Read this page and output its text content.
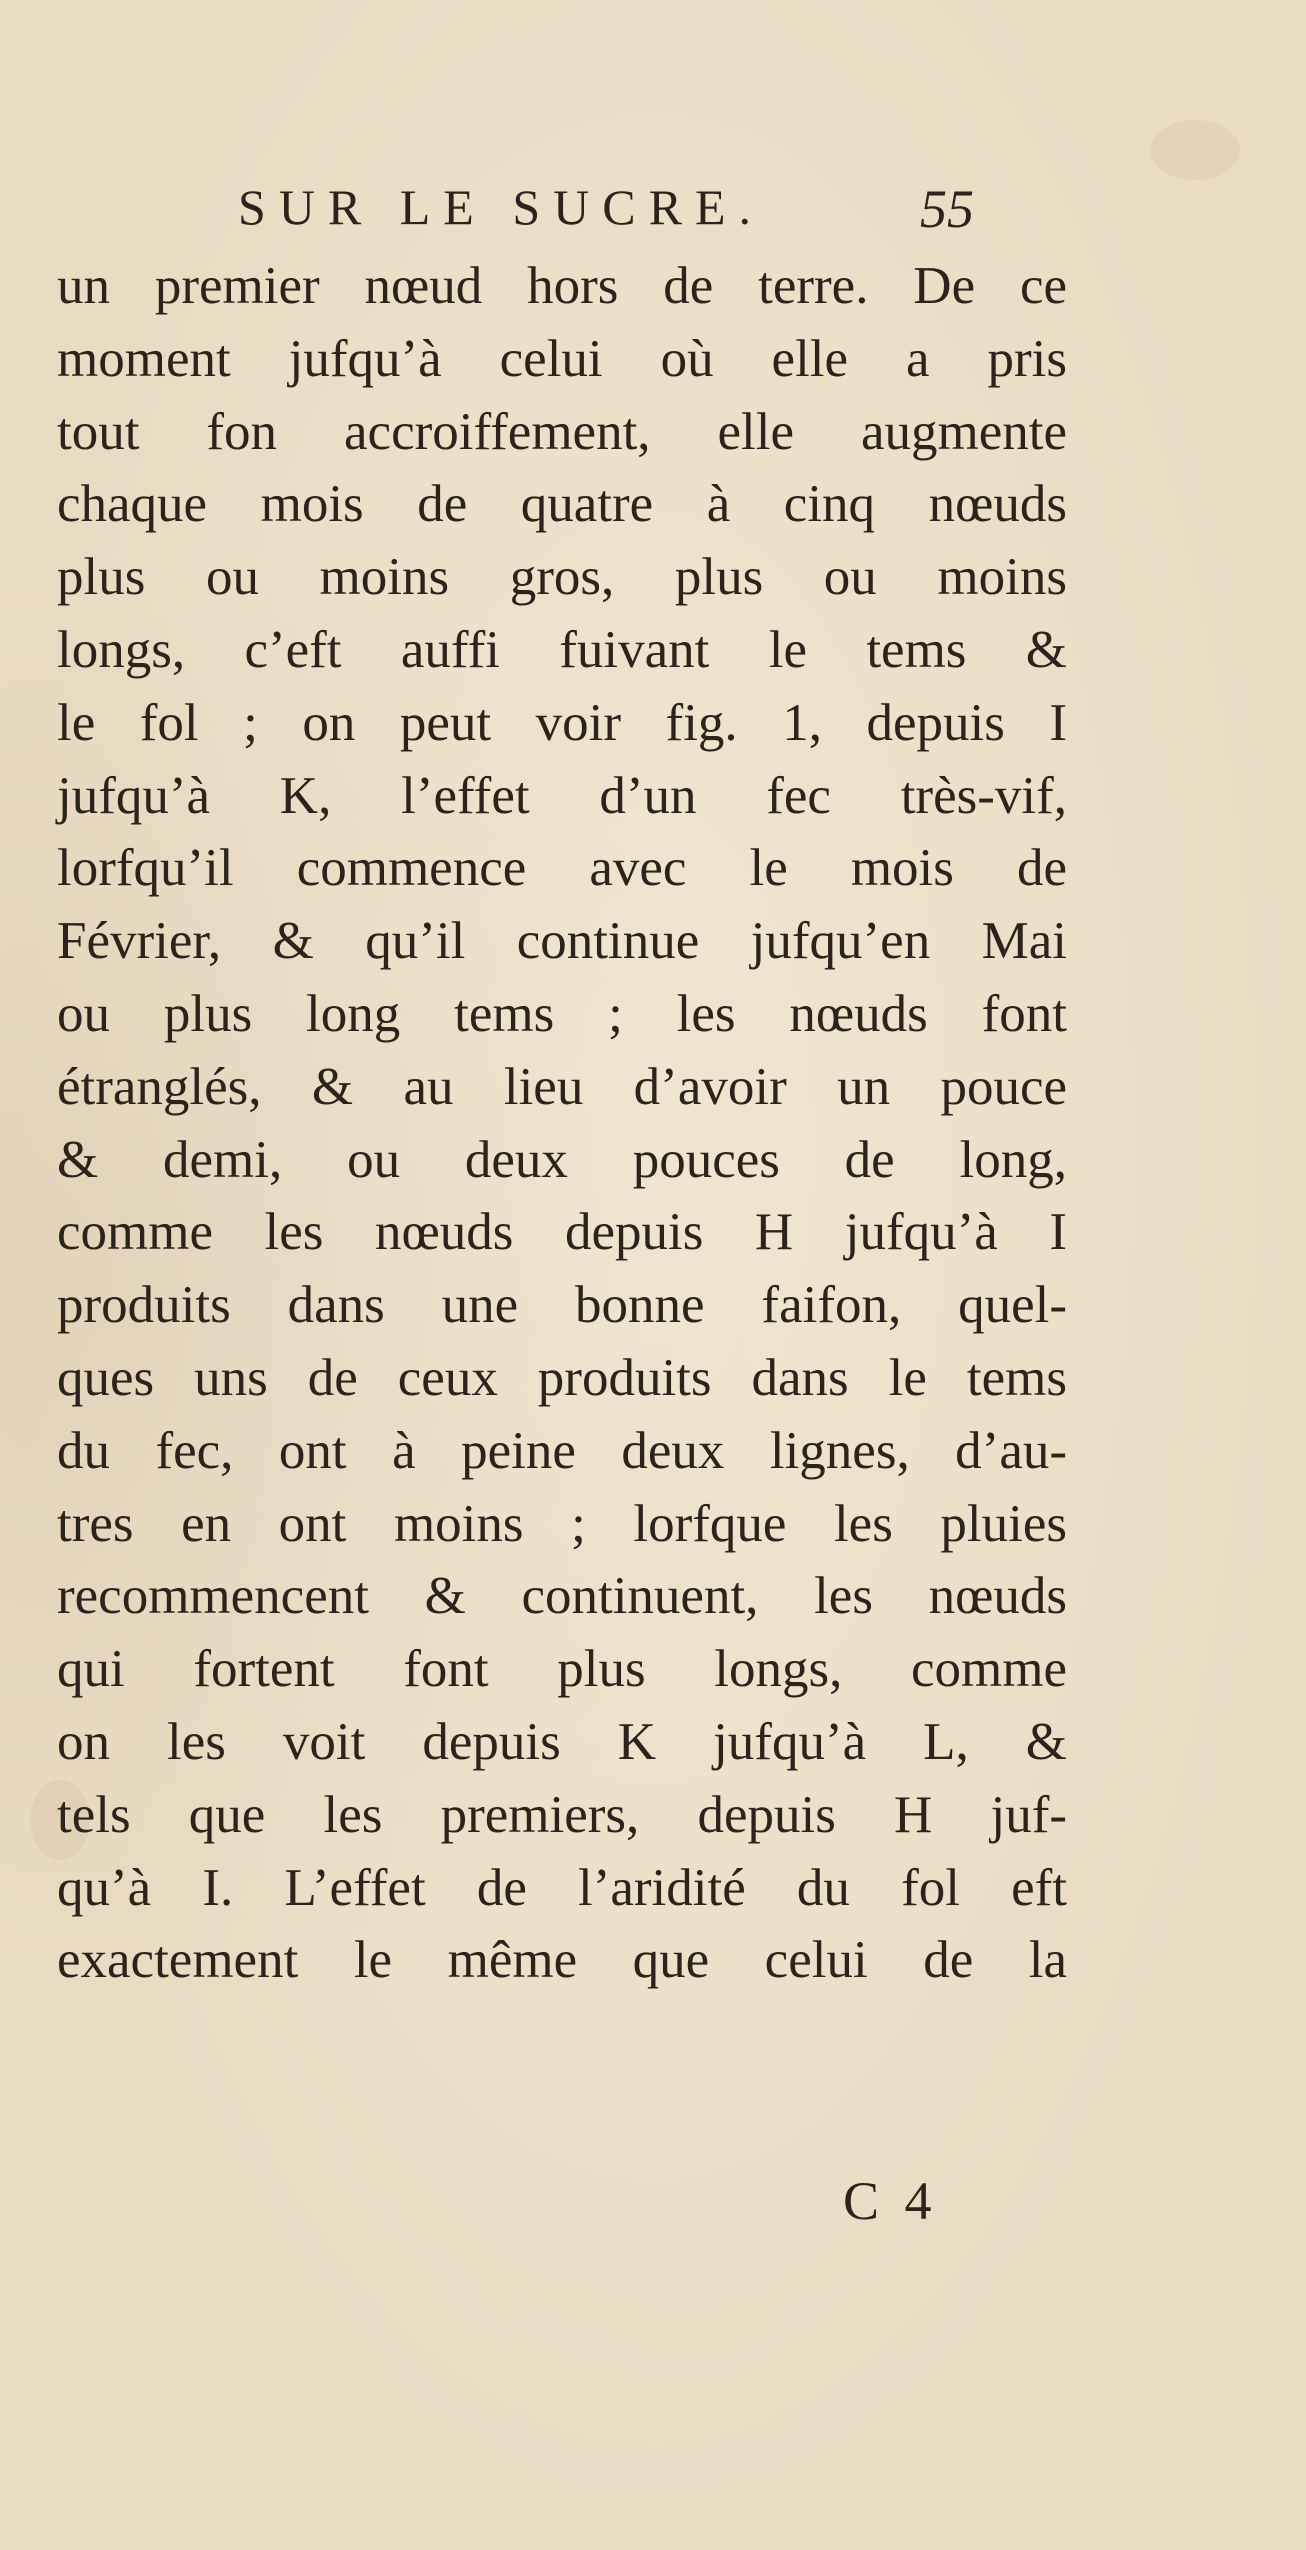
SUR LE SUCRE.	55
un premier nœud hors de terre. De ce
moment jufqu’à celui où elle a pris
tout fon accroiffement, elle augmente
chaque mois de quatre à cinq nœuds
plus ou moins gros, plus ou moins
longs, c’eft auffi fuivant le tems &
le fol ; on peut voir fig. 1, depuis I
jufqu’à K, l’effet d’un fec très-vif,
lorfqu’il commence avec le mois de
Février, & qu’il continue jufqu’en Mai
ou plus long tems ; les nœuds font
étranglés, & au lieu d’avoir un pouce
& demi, ou deux pouces de long,
comme les nœuds depuis H jufqu’à I
produits dans une bonne faifon, quel-
ques uns de ceux produits dans le tems
du fec, ont à peine deux lignes, d’au-
tres en ont moins ; lorfque les pluies
recommencent & continuent, les nœuds
qui fortent font plus longs, comme
on les voit depuis K jufqu’à L, &
tels que les premiers, depuis H juf-
qu’à I. L’effet de l’aridité du fol eft
exactement le même que celui de la
C 4
